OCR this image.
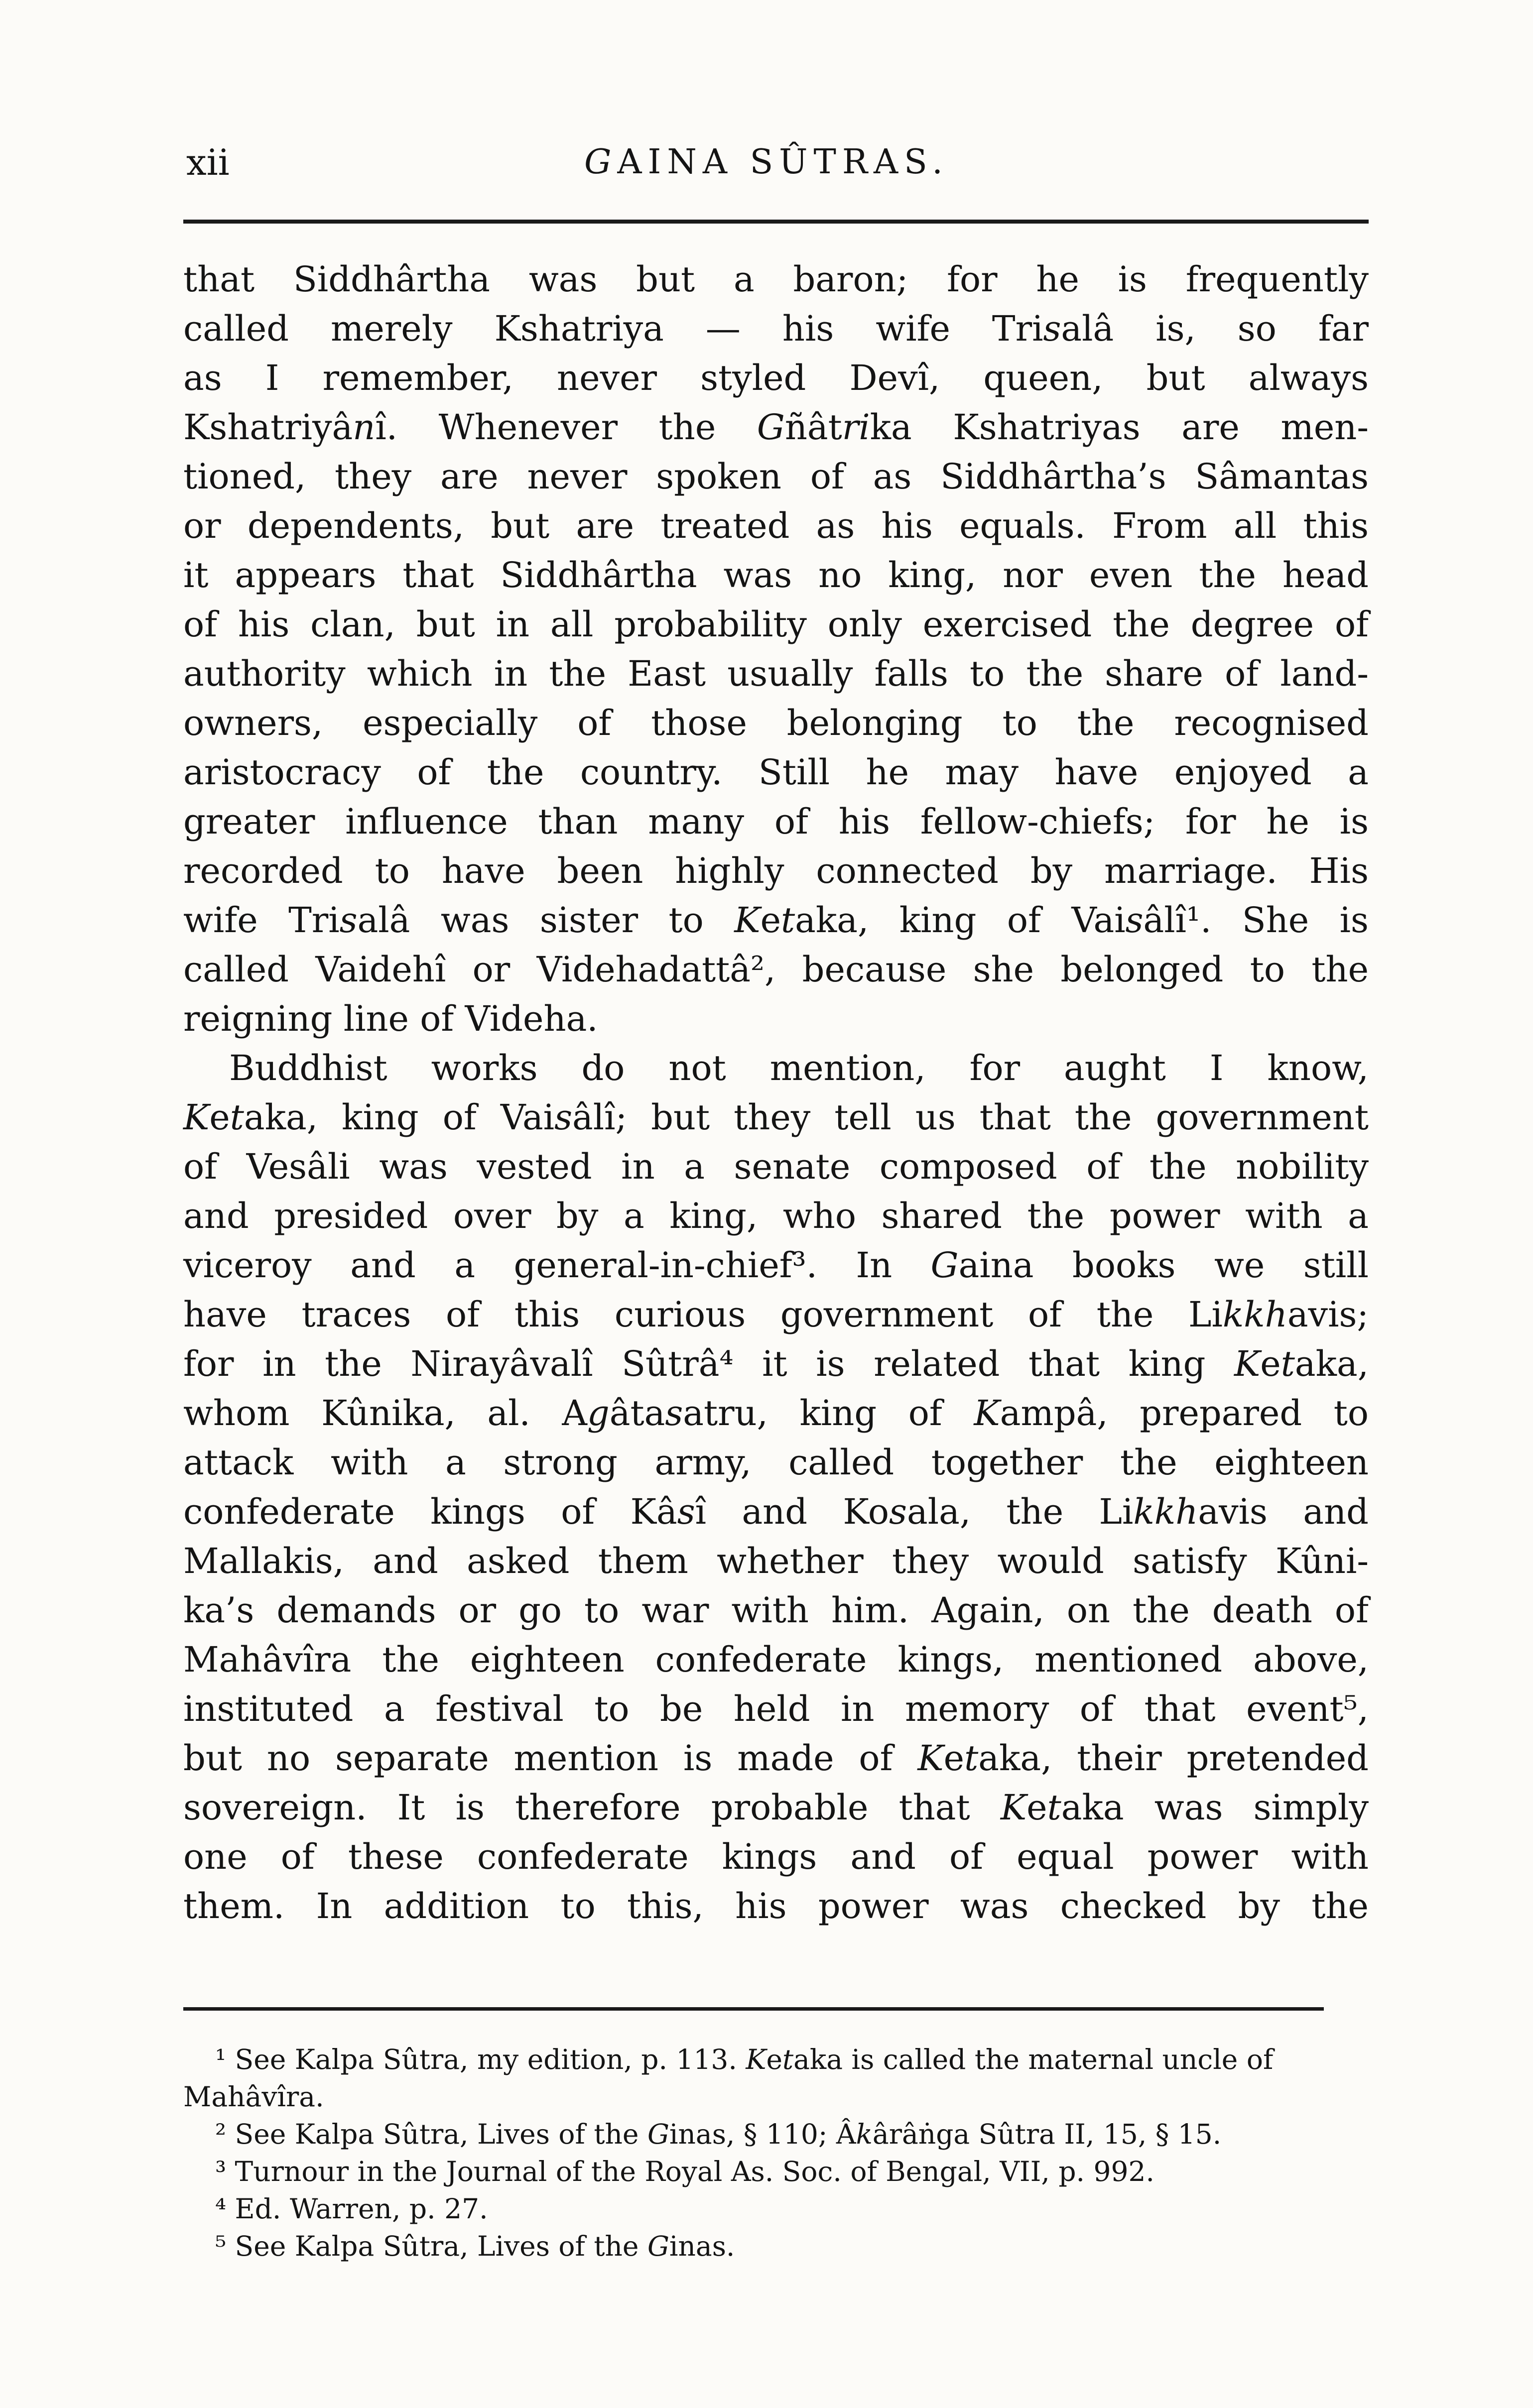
xii	GAINA SÛTRAS.
that Siddhârtha was but a baron; for he is frequently
called merely Kshatriya — his wife Trisalâ is, so far
as I remember, never styled Devî, queen, but always
Kshatriyânî. Whenever the Gñâtrika Kshatriyas are men-
tioned, they are never spoken of as Siddhârtha’s Sâmantas
or dependents, but are treated as his equals. From all this
it appears that Siddhârtha was no king, nor even the head
of his clan, but in all probability only exercised the degree of
authority which in the East usually falls to the share of land-
owners, especially of those belonging to the recognised
aristocracy of the country. Still he may have enjoyed a
greater influence than many of his fellow-chiefs; for he is
recorded to have been highly connected by marriage. His
wife Trisalâ was sister to Ketaka, king of Vaisâlî¹. She is
called Vaidehî or Videhadattâ², because she belonged to the
reigning line of Videha.
Buddhist works do not mention, for aught I know,
Ketaka, king of Vaisâlî; but they tell us that the government
of Vesâli was vested in a senate composed of the nobility
and presided over by a king, who shared the power with a
viceroy and a general-in-chief³. In Gaina books we still
have traces of this curious government of the Likkhavis;
for in the Nirayâvalî Sûtrâ⁴ it is related that king Ketaka,
whom Kûnika, al. Agâtasatru, king of Kampâ, prepared to
attack with a strong army, called together the eighteen
confederate kings of Kâsî and Kosala, the Likkhavis and
Mallakis, and asked them whether they would satisfy Kûni-
ka’s demands or go to war with him. Again, on the death of
Mahâvîra the eighteen confederate kings, mentioned above,
instituted a festival to be held in memory of that event⁵,
but no separate mention is made of Ketaka, their pretended
sovereign. It is therefore probable that Ketaka was simply
one of these confederate kings and of equal power with
them. In addition to this, his power was checked by the
¹ See Kalpa Sûtra, my edition, p. 113. Ketaka is called the maternal uncle of
Mahâvîra.
² See Kalpa Sûtra, Lives of the Ginas, § 110; Âkârâṅga Sûtra II, 15, § 15.
³ Turnour in the Journal of the Royal As. Soc. of Bengal, VII, p. 992.
⁴ Ed. Warren, p. 27.
⁵ See Kalpa Sûtra, Lives of the Ginas.
